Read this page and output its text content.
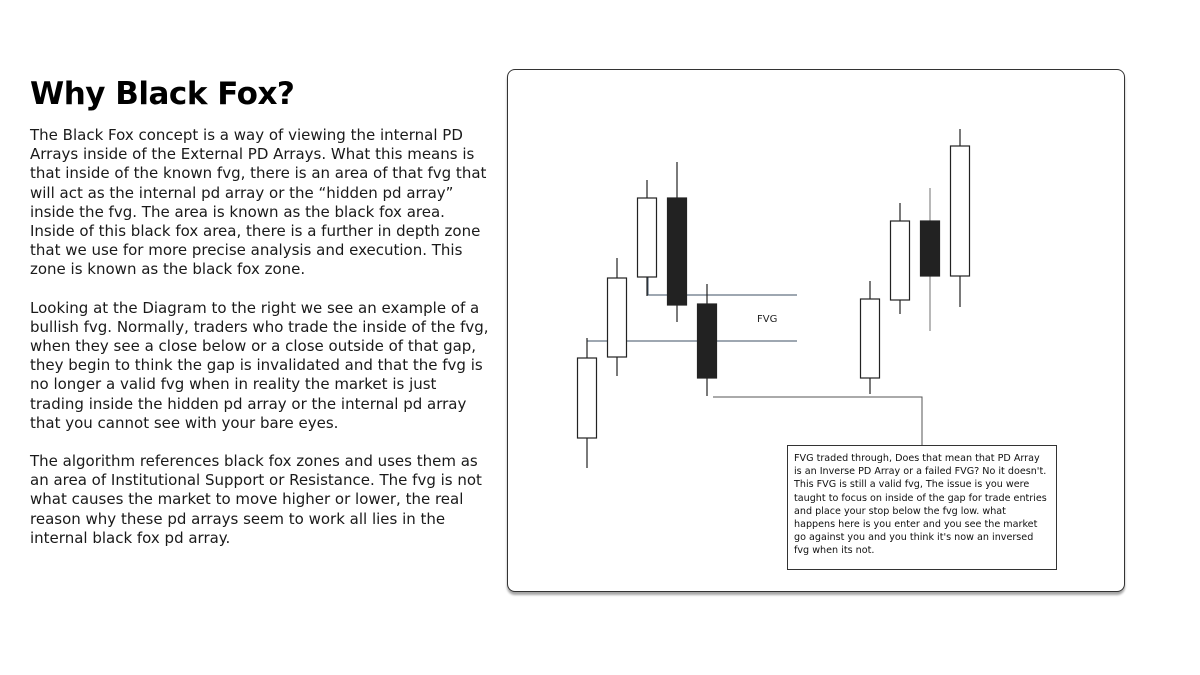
Why Black Fox?

The Black Fox concept is a way of viewing the internal PD Arrays inside of the External PD Arrays. What this means is that inside of the known fvg, there is an area of that fvg that will act as the internal pd array or the “hidden pd array” inside the fvg. The area is known as the black fox area. Inside of this black fox area, there is a further in depth zone that we use for more precise analysis and execution. This zone is known as the black fox zone.

Looking at the Diagram to the right we see an example of a bullish fvg. Normally, traders who trade the inside of the fvg, when they see a close below or a close outside of that gap, they begin to think the gap is invalidated and that the fvg is no longer a valid fvg when in reality the market is just trading inside the hidden pd array or the internal pd array that you cannot see with your bare eyes.

The algorithm references black fox zones and uses them as an area of Institutional Support or Resistance. The fvg is not what causes the market to move higher or lower, the real reason why these pd arrays seem to work all lies in the internal black fox pd array.

FVG
FVG traded through, Does that mean that PD Array is an Inverse PD Array or a failed FVG? No it doesn't. This FVG is still a valid fvg, The issue is you were taught to focus on inside of the gap for trade entries and place your stop below the fvg low. what happens here is you enter and you see the market go against you and you think it's now an inversed fvg when its not.
